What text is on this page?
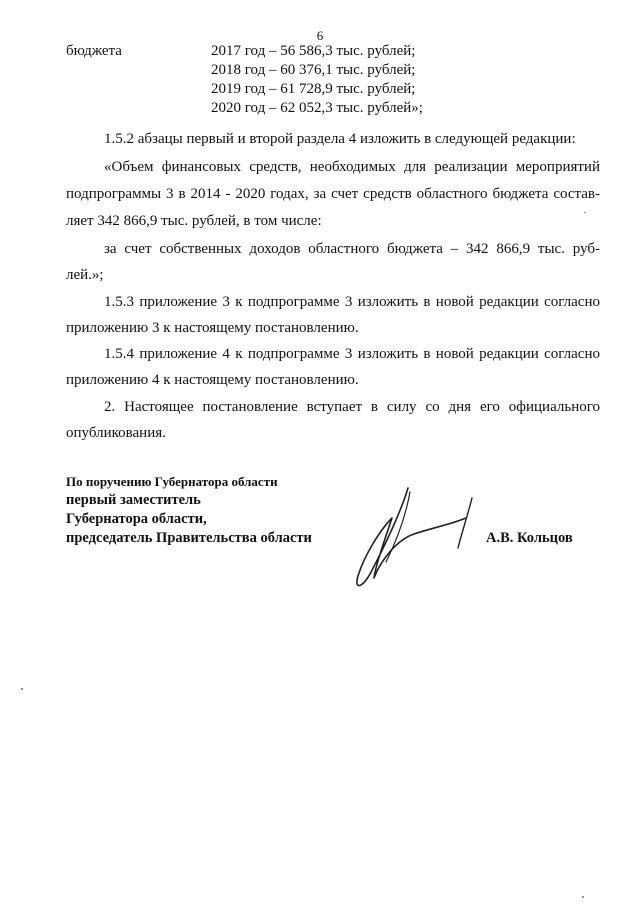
6
бюджета	2017 год – 56 586,3 тыс. рублей;
2018 год – 60 376,1 тыс. рублей;
2019 год – 61 728,9 тыс. рублей;
2020 год – 62 052,3 тыс. рублей»;
1.5.2 абзацы первый и второй раздела 4 изложить в следующей редакции:
«Объем финансовых средств, необходимых для реализации мероприятий
подпрограммы 3 в 2014 - 2020 годах, за счет средств областного бюджета состав-
ляет 342 866,9 тыс. рублей, в том числе:
за счет собственных доходов областного бюджета – 342 866,9 тыс. руб-
лей.»;
1.5.3 приложение 3 к подпрограмме 3 изложить в новой редакции согласно
приложению 3 к настоящему постановлению.
1.5.4 приложение 4 к подпрограмме 3 изложить в новой редакции согласно
приложению 4 к настоящему постановлению.
2. Настоящее постановление вступает в силу со дня его официального
опубликования.
По поручению Губернатора области
первый заместитель
Губернатора области,
председатель Правительства области	А.В. Кольцов
